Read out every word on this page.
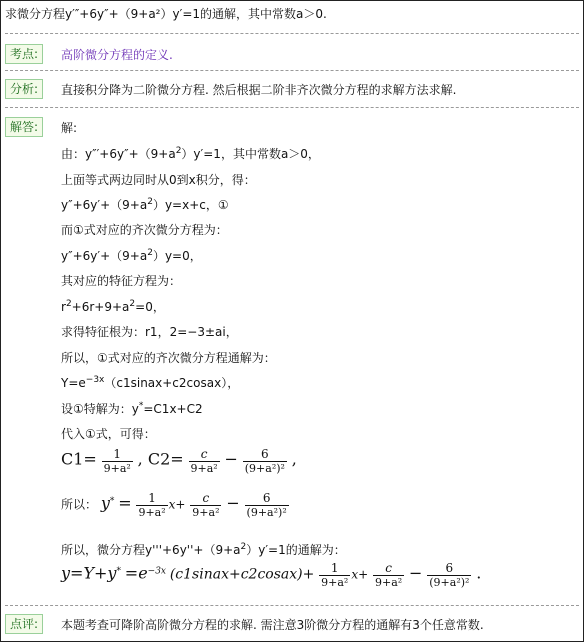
求微分方程y′″+6y″+（9+a²）y′=1的通解，其中常数a＞0.
考点:	高阶微分方程的定义.
分析:	直接积分降为二阶微分方程. 然后根据二阶非齐次微分方程的求解方法求解.
解答:	解:
由：$y'''+6y''+(9+a^2)y'=1$，其中常数a＞0，
上面等式两边同时从0到x积分，得：
$y''+6y'+(9+a^2)y=x+c$，①
而①式对应的齐次微分方程为：
$y''+6y'+(9+a^2)y=0$，
其对应的特征方程为：
$r^2+6r+9+a^2=0$，
求得特征根为：r1，2=−3±ai，
所以，①式对应的齐次微分方程通解为：
$Y=e^{-3x}(c1sinax+c2cosax)$，
设①特解为：y*=C1x+C2
代入①式，可得：
$C1= \frac{1}{\text{9+a²}}$ , $C2= \frac{c}{\text{9+a²}} - \frac{6}{\text{(9+a²)²}}$ ,
所以： $y^* = \frac{1}{\text{9+a²}} x+ \frac{c}{\text{9+a²}} - \frac{6}{\text{(9+a²)²}}$
所以，微分方程$y'''+6y''+(9+a^2)y'=1$的通解为：
$y=Y+y^* =e^{-3x}$ (c1sinax+c2cosax)+ $\frac{1}{\text{9+a²}} x+ \frac{c}{\text{9+a²}} - \frac{6}{\text{(9+a²)²}}$ .
点评:	本题考查可降阶高阶微分方程的求解. 需注意3阶微分方程的通解有3个任意常数.
